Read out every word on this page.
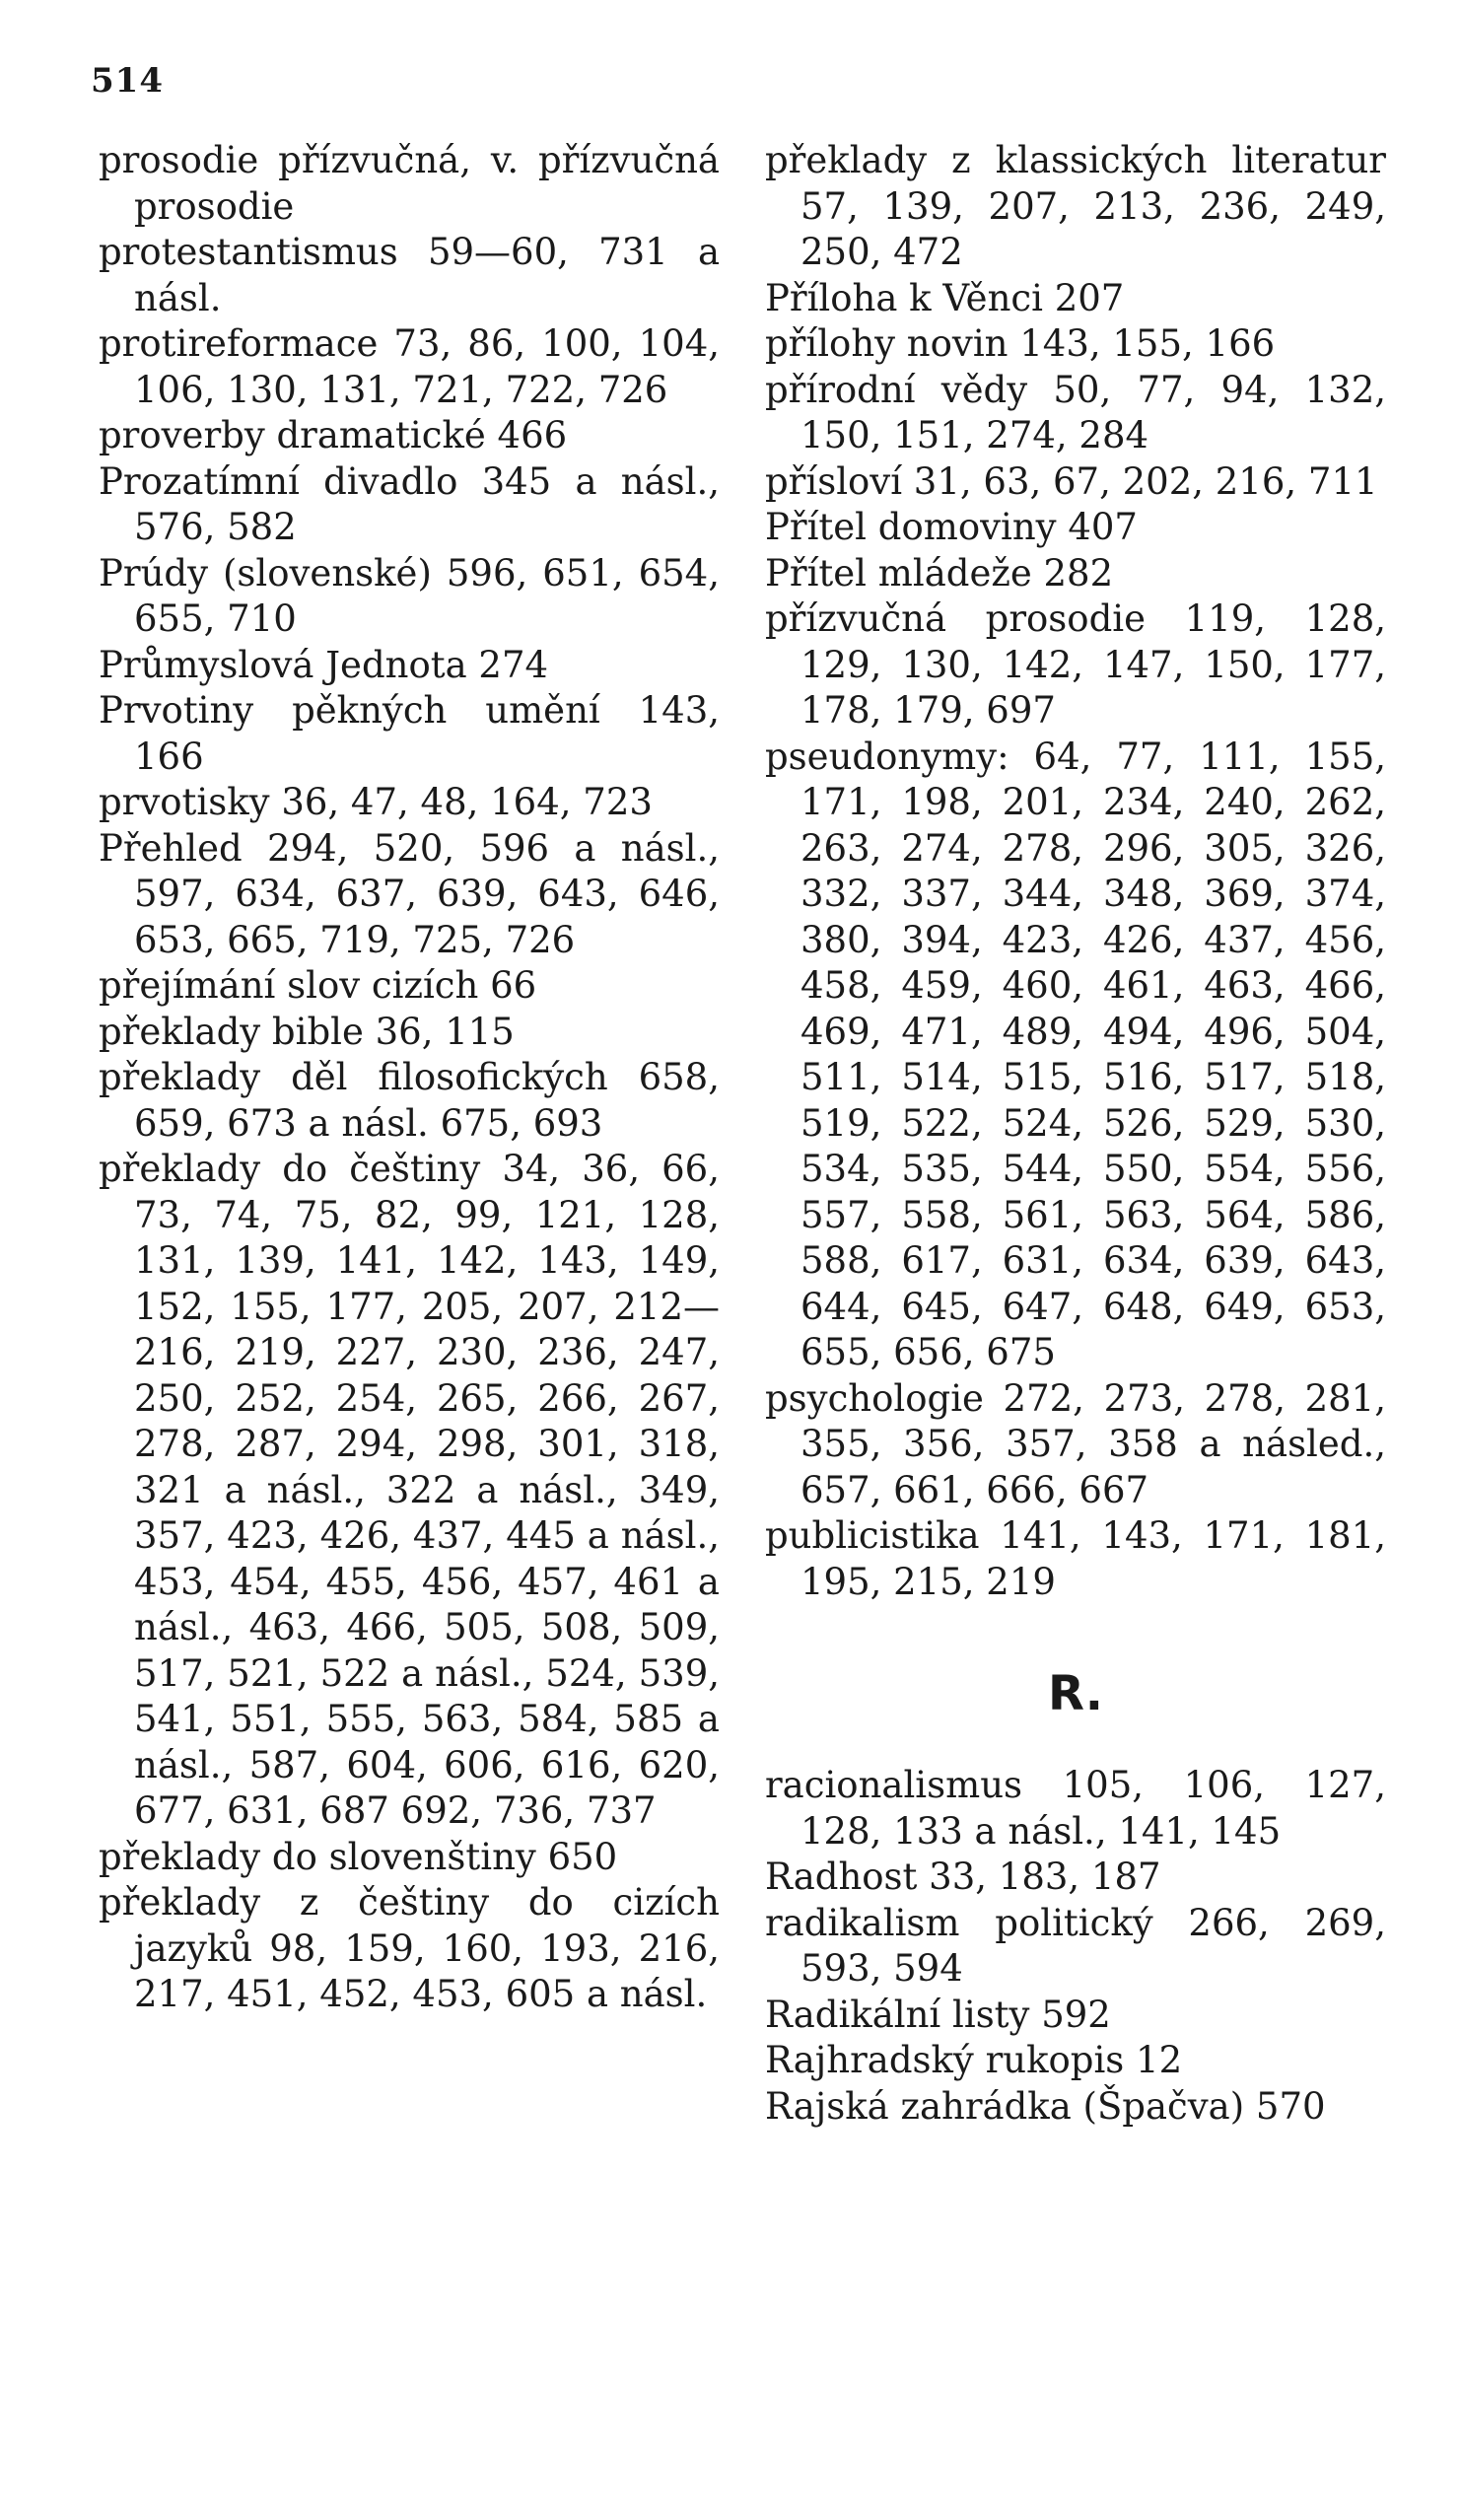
514
prosodie přízvučná, v. přízvučná prosodie
protestantismus 59—60, 731 a násl.
protireformace 73, 86, 100, 104, 106, 130, 131, 721, 722, 726
proverby dramatické 466
Prozatímní divadlo 345 a násl., 576, 582
Prúdy (slovenské) 596, 651, 654, 655, 710
Průmyslová Jednota 274
Prvotiny pěkných umění 143, 166
prvotisky 36, 47, 48, 164, 723
Přehled 294, 520, 596 a násl., 597, 634, 637, 639, 643, 646, 653, 665, 719, 725, 726
přejímání slov cizích 66
překlady bible 36, 115
překlady děl filosofických 658, 659, 673 a násl. 675, 693
překlady do češtiny 34, 36, 66, 73, 74, 75, 82, 99, 121, 128, 131, 139, 141, 142, 143, 149, 152, 155, 177, 205, 207, 212—216, 219, 227, 230, 236, 247, 250, 252, 254, 265, 266, 267, 278, 287, 294, 298, 301, 318, 321 a násl., 322 a násl., 349, 357, 423, 426, 437, 445 a násl., 453, 454, 455, 456, 457, 461 a násl., 463, 466, 505, 508, 509, 517, 521, 522 a násl., 524, 539, 541, 551, 555, 563, 584, 585 a násl., 587, 604, 606, 616, 620, 677, 631, 687 692, 736, 737
překlady do slovenštiny 650
překlady z češtiny do cizích jazyků 98, 159, 160, 193, 216, 217, 451, 452, 453, 605 a násl.
překlady z klassických literatur 57, 139, 207, 213, 236, 249, 250, 472
Příloha k Věnci 207
přílohy novin 143, 155, 166
přírodní vědy 50, 77, 94, 132, 150, 151, 274, 284
přísloví 31, 63, 67, 202, 216, 711
Přítel domoviny 407
Přítel mládeže 282
přízvučná prosodie 119, 128, 129, 130, 142, 147, 150, 177, 178, 179, 697
pseudonymy: 64, 77, 111, 155, 171, 198, 201, 234, 240, 262, 263, 274, 278, 296, 305, 326, 332, 337, 344, 348, 369, 374, 380, 394, 423, 426, 437, 456, 458, 459, 460, 461, 463, 466, 469, 471, 489, 494, 496, 504, 511, 514, 515, 516, 517, 518, 519, 522, 524, 526, 529, 530, 534, 535, 544, 550, 554, 556, 557, 558, 561, 563, 564, 586, 588, 617, 631, 634, 639, 643, 644, 645, 647, 648, 649, 653, 655, 656, 675
psychologie 272, 273, 278, 281, 355, 356, 357, 358 a násled., 657, 661, 666, 667
publicistika 141, 143, 171, 181, 195, 215, 219
R.
racionalismus 105, 106, 127, 128, 133 a násl., 141, 145
Radhost 33, 183, 187
radikalism politický 266, 269, 593, 594
Radikální listy 592
Rajhradský rukopis 12
Rajská zahrádka (Špačva) 570
